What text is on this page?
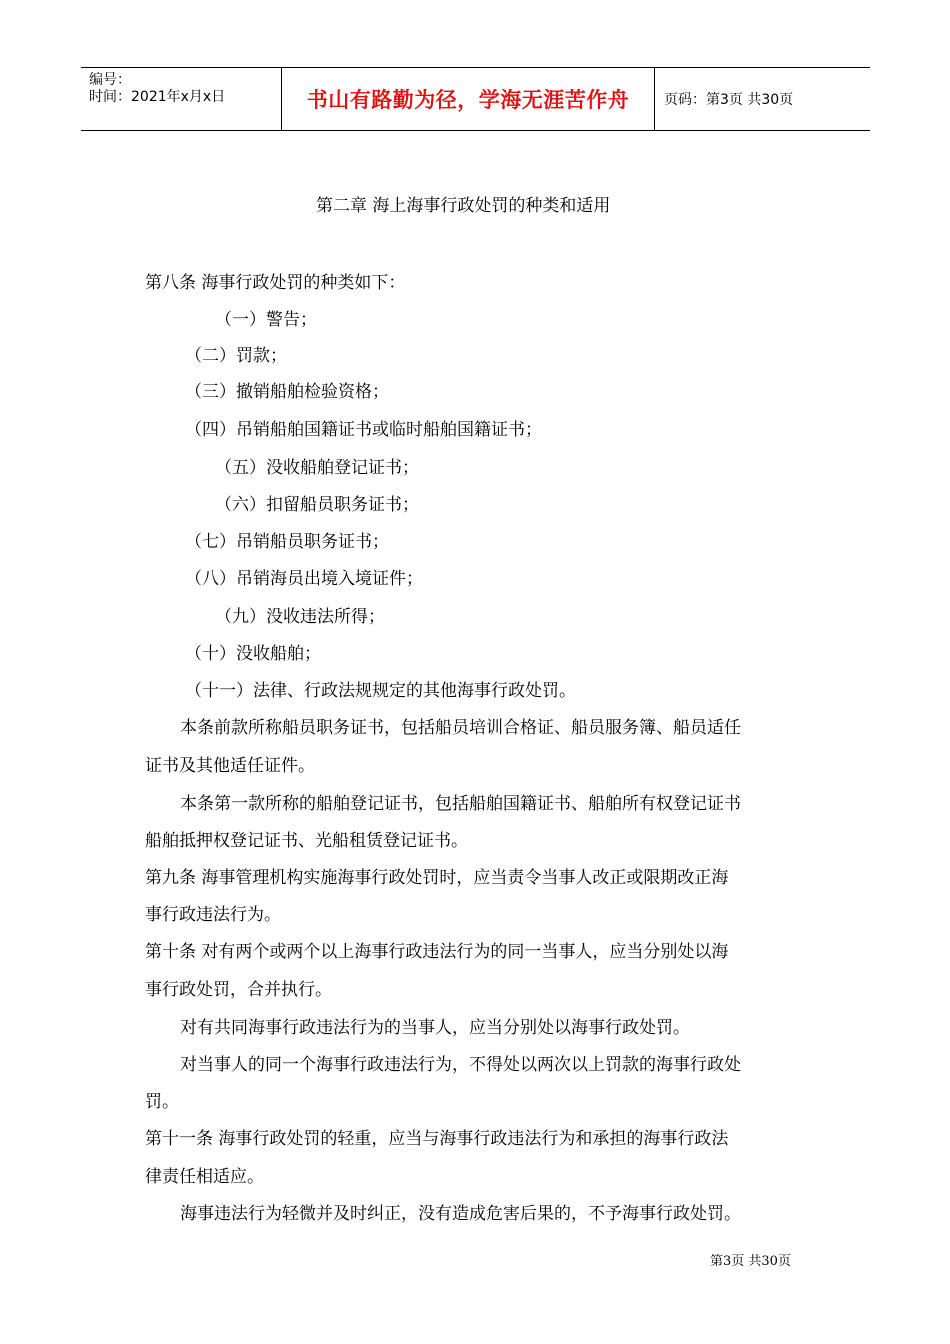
编号：
时间：2021年x月x日	书山有路勤为径，学海无涯苦作舟	页码：第3页 共30页
第二章 海上海事行政处罚的种类和适用
第八条 海事行政处罚的种类如下：
（一）警告；
（二）罚款；
（三）撤销船舶检验资格；
（四）吊销船舶国籍证书或临时船舶国籍证书；
（五）没收船舶登记证书；
（六）扣留船员职务证书；
（七）吊销船员职务证书；
（八）吊销海员出境入境证件；
（九）没收违法所得；
（十）没收船舶；
（十一）法律、行政法规规定的其他海事行政处罚。
本条前款所称船员职务证书，包括船员培训合格证、船员服务簿、船员适任
证书及其他适任证件。
本条第一款所称的船舶登记证书，包括船舶国籍证书、船舶所有权登记证书
船舶抵押权登记证书、光船租赁登记证书。
第九条 海事管理机构实施海事行政处罚时，应当责令当事人改正或限期改正海
事行政违法行为。
第十条 对有两个或两个以上海事行政违法行为的同一当事人，应当分别处以海
事行政处罚，合并执行。
对有共同海事行政违法行为的当事人，应当分别处以海事行政处罚。
对当事人的同一个海事行政违法行为，不得处以两次以上罚款的海事行政处
罚。
第十一条 海事行政处罚的轻重，应当与海事行政违法行为和承担的海事行政法
律责任相适应。
海事违法行为轻微并及时纠正，没有造成危害后果的，不予海事行政处罚。
第3页 共30页
